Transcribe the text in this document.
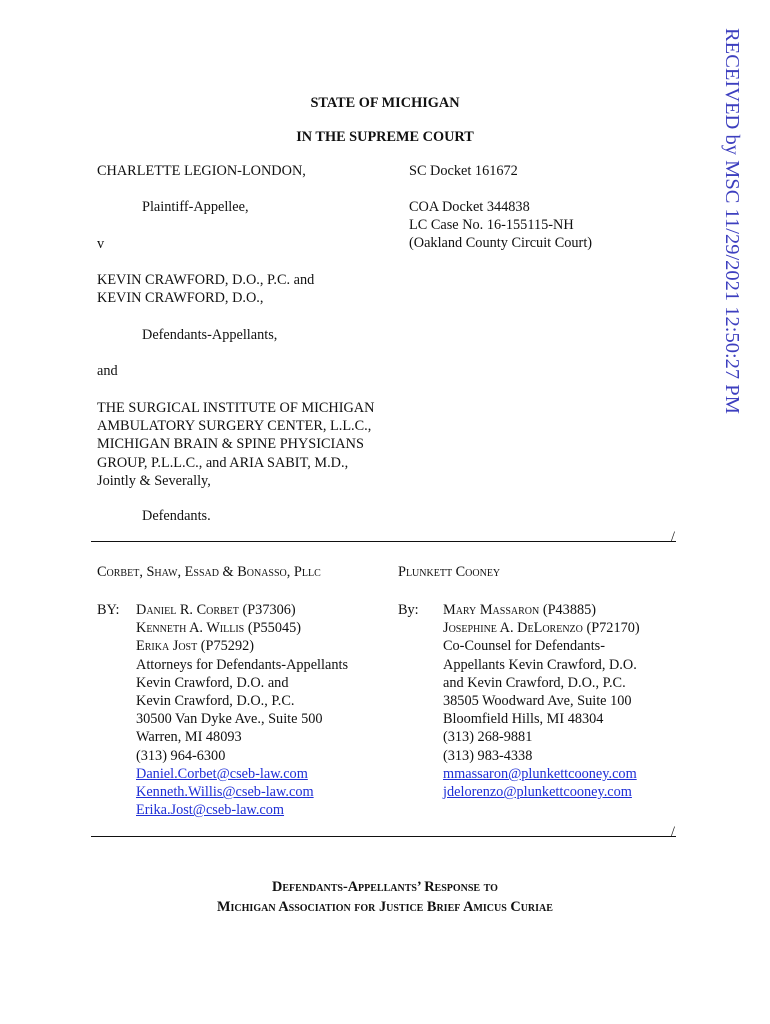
RECEIVED by MSC 11/29/2021 12:50:27 PM
STATE OF MICHIGAN
IN THE SUPREME COURT
CHARLETTE LEGION-LONDON,
Plaintiff-Appellee,
v
KEVIN CRAWFORD, D.O., P.C. and
KEVIN CRAWFORD, D.O.,
Defendants-Appellants,
and
THE SURGICAL INSTITUTE OF MICHIGAN
AMBULATORY SURGERY CENTER, L.L.C.,
MICHIGAN BRAIN & SPINE PHYSICIANS
GROUP, P.L.L.C., and ARIA SABIT, M.D.,
Jointly & Severally,
Defendants.
SC Docket 161672
COA Docket 344838
LC Case No. 16-155115-NH
(Oakland County Circuit Court)
/
Corbet, Shaw, Essad & Bonasso, Pllc	Plunkett Cooney
BY: Daniel R. Corbet (P37306)
Kenneth A. Willis (P55045)
Erika Jost (P75292)
Attorneys for Defendants-Appellants
Kevin Crawford, D.O. and
Kevin Crawford, D.O., P.C.
30500 Van Dyke Ave., Suite 500
Warren, MI 48093
(313) 964-6300
Daniel.Corbet@cseb-law.com
Kenneth.Willis@cseb-law.com
Erika.Jost@cseb-law.com
By: Mary Massaron (P43885)
Josephine A. DeLorenzo (P72170)
Co-Counsel for Defendants-
Appellants Kevin Crawford, D.O.
and Kevin Crawford, D.O., P.C.
38505 Woodward Ave, Suite 100
Bloomfield Hills, MI 48304
(313) 268-9881
(313) 983-4338
mmassaron@plunkettcooney.com
jdelorenzo@plunkettcooney.com
/
Defendants-Appellants’ Response to
Michigan Association for Justice Brief Amicus Curiae
